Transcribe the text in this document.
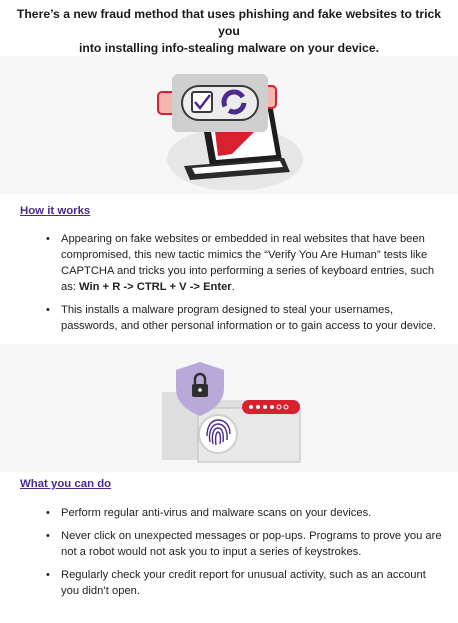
There’s a new fraud method that uses phishing and fake websites to trick you
into installing info-stealing malware on your device.
How it works
• Appearing on fake websites or embedded in real websites that have been compromised, this new tactic mimics the “Verify You Are Human” tests like CAPTCHA and tricks you into performing a series of keyboard entries, such as: Win + R -> CTRL + V -> Enter.
• This installs a malware program designed to steal your usernames, passwords, and other personal information or to gain access to your device.
What you can do
• Perform regular anti-virus and malware scans on your devices.
• Never click on unexpected messages or pop-ups. Programs to prove you are not a robot would not ask you to input a series of keystrokes.
• Regularly check your credit report for unusual activity, such as an account you didn’t open.
